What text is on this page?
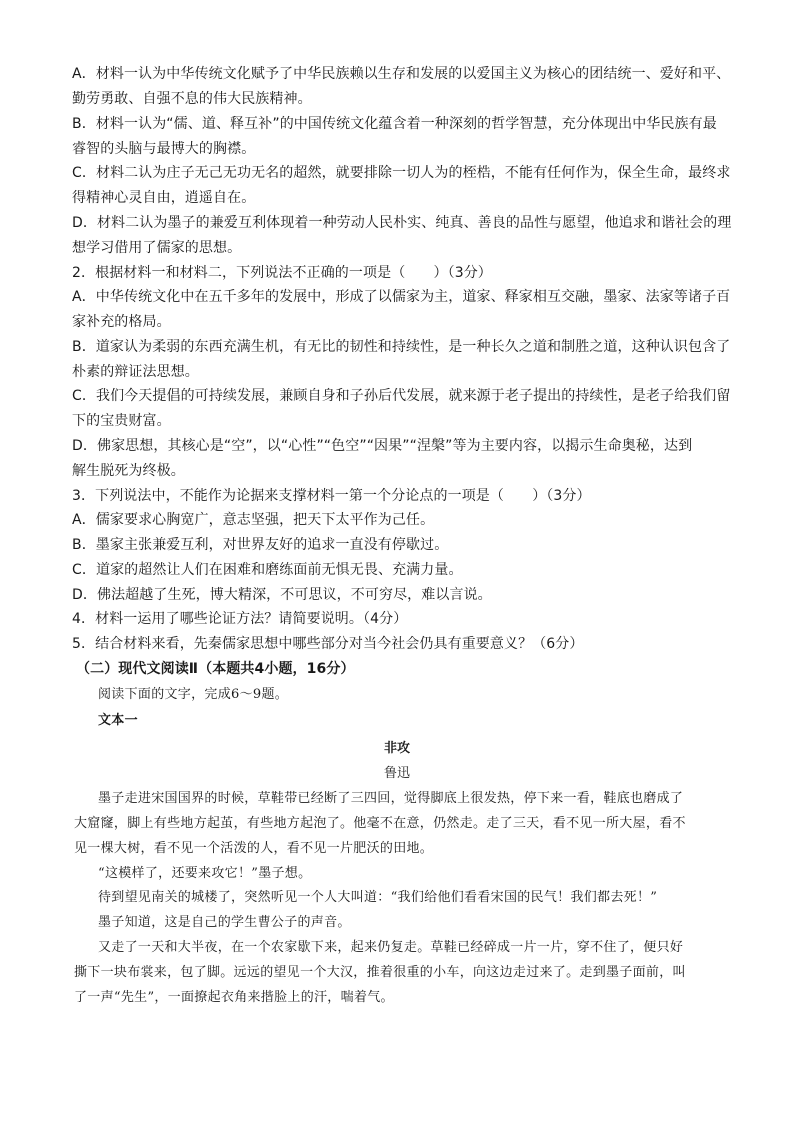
A．材料一认为中华传统文化赋予了中华民族赖以生存和发展的以爱国主义为核心的团结统一、爱好和平、
勤劳勇敢、自强不息的伟大民族精神。
B．材料一认为“儒、道、释互补”的中国传统文化蕴含着一种深刻的哲学智慧，充分体现出中华民族有最
睿智的头脑与最博大的胸襟。
C．材料二认为庄子无己无功无名的超然，就要排除一切人为的桎梏，不能有任何作为，保全生命，最终求
得精神心灵自由，逍遥自在。
D．材料二认为墨子的兼爱互利体现着一种劳动人民朴实、纯真、善良的品性与愿望，他追求和谐社会的理
想学习借用了儒家的思想。
2．根据材料一和材料二，下列说法不正确的一项是（　　）（3分）
A．中华传统文化中在五千多年的发展中，形成了以儒家为主，道家、释家相互交融，墨家、法家等诸子百
家补充的格局。
B．道家认为柔弱的东西充满生机，有无比的韧性和持续性，是一种长久之道和制胜之道，这种认识包含了
朴素的辩证法思想。
C．我们今天提倡的可持续发展，兼顾自身和子孙后代发展，就来源于老子提出的持续性，是老子给我们留
下的宝贵财富。
D．佛家思想，其核心是“空”，以“心性”“色空”“因果”“涅槃”等为主要内容，以揭示生命奥秘，达到
解生脱死为终极。
3．下列说法中，不能作为论据来支撑材料一第一个分论点的一项是（　　）（3分）
A．儒家要求心胸宽广，意志坚强，把天下太平作为己任。
B．墨家主张兼爱互利，对世界友好的追求一直没有停歇过。
C．道家的超然让人们在困难和磨练面前无惧无畏、充满力量。
D．佛法超越了生死，博大精深，不可思议，不可穷尽，难以言说。
4．材料一运用了哪些论证方法？请简要说明。（4分）
5．结合材料来看，先秦儒家思想中哪些部分对当今社会仍具有重要意义？（6分）
（二）现代文阅读Ⅱ（本题共4小题，16分）
阅读下面的文字，完成6～9题。
文本一
非攻
鲁迅
墨子走进宋国国界的时候，草鞋带已经断了三四回，觉得脚底上很发热，停下来一看，鞋底也磨成了
大窟窿，脚上有些地方起茧，有些地方起泡了。他毫不在意，仍然走。走了三天，看不见一所大屋，看不
见一棵大树，看不见一个活泼的人，看不见一片肥沃的田地。
“这模样了，还要来攻它！”墨子想。
待到望见南关的城楼了，突然听见一个人大叫道：“我们给他们看看宋国的民气！我们都去死！”
墨子知道，这是自己的学生曹公子的声音。
又走了一天和大半夜，在一个农家歇下来，起来仍复走。草鞋已经碎成一片一片，穿不住了，便只好
撕下一块布裳来，包了脚。远远的望见一个大汉，推着很重的小车，向这边走过来了。走到墨子面前，叫
了一声“先生”，一面撩起衣角来揩脸上的汗，喘着气。
